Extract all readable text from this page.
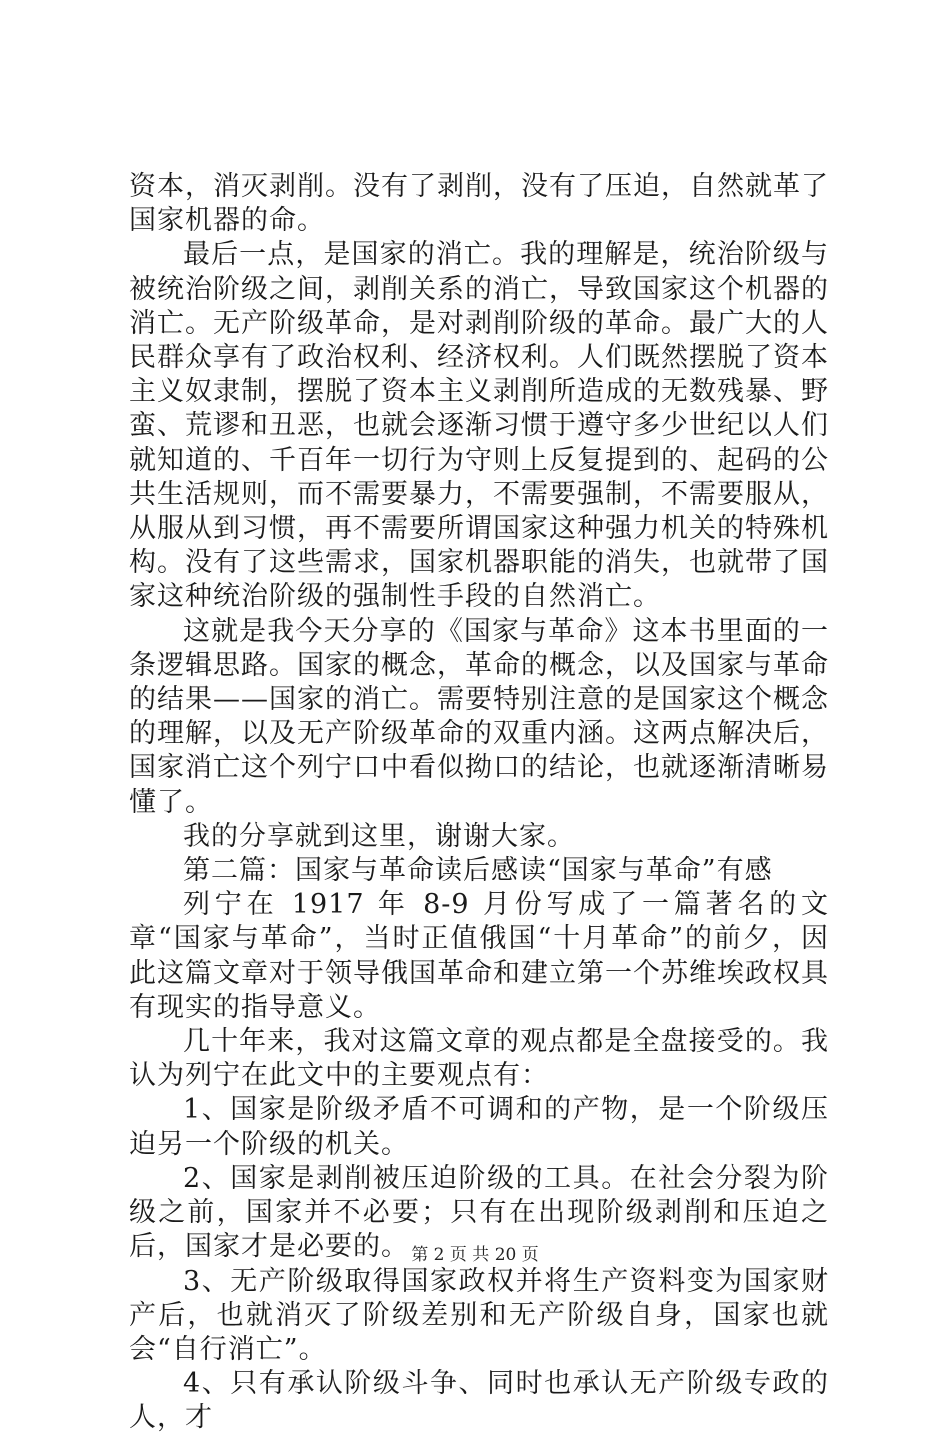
资本，消灭剥削。没有了剥削，没有了压迫，自然就革了国家机器的命。

最后一点，是国家的消亡。我的理解是，统治阶级与被统治阶级之间，剥削关系的消亡，导致国家这个机器的消亡。无产阶级革命，是对剥削阶级的革命。最广大的人民群众享有了政治权利、经济权利。人们既然摆脱了资本主义奴隶制，摆脱了资本主义剥削所造成的无数残暴、野蛮、荒谬和丑恶，也就会逐渐习惯于遵守多少世纪以人们就知道的、千百年一切行为守则上反复提到的、起码的公共生活规则，而不需要暴力，不需要强制，不需要服从，从服从到习惯，再不需要所谓国家这种强力机关的特殊机构。没有了这些需求，国家机器职能的消失，也就带了国家这种统治阶级的强制性手段的自然消亡。

这就是我今天分享的《国家与革命》这本书里面的一条逻辑思路。国家的概念，革命的概念，以及国家与革命的结果——国家的消亡。需要特别注意的是国家这个概念的理解，以及无产阶级革命的双重内涵。这两点解决后，国家消亡这个列宁口中看似拗口的结论，也就逐渐清晰易懂了。

我的分享就到这里，谢谢大家。

第二篇：国家与革命读后感读“国家与革命”有感

列宁在 1917 年 8-9 月份写成了一篇著名的文章“国家与革命”，当时正值俄国“十月革命”的前夕，因此这篇文章对于领导俄国革命和建立第一个苏维埃政权具有现实的指导意义。

几十年来，我对这篇文章的观点都是全盘接受的。我认为列宁在此文中的主要观点有：

1、国家是阶级矛盾不可调和的产物，是一个阶级压迫另一个阶级的机关。

2、国家是剥削被压迫阶级的工具。在社会分裂为阶级之前，国家并不必要；只有在出现阶级剥削和压迫之后，国家才是必要的。

3、无产阶级取得国家政权并将生产资料变为国家财产后，也就消灭了阶级差别和无产阶级自身，国家也就会“自行消亡”。

4、只有承认阶级斗争、同时也承认无产阶级专政的人，才

第 2 页 共 20 页
